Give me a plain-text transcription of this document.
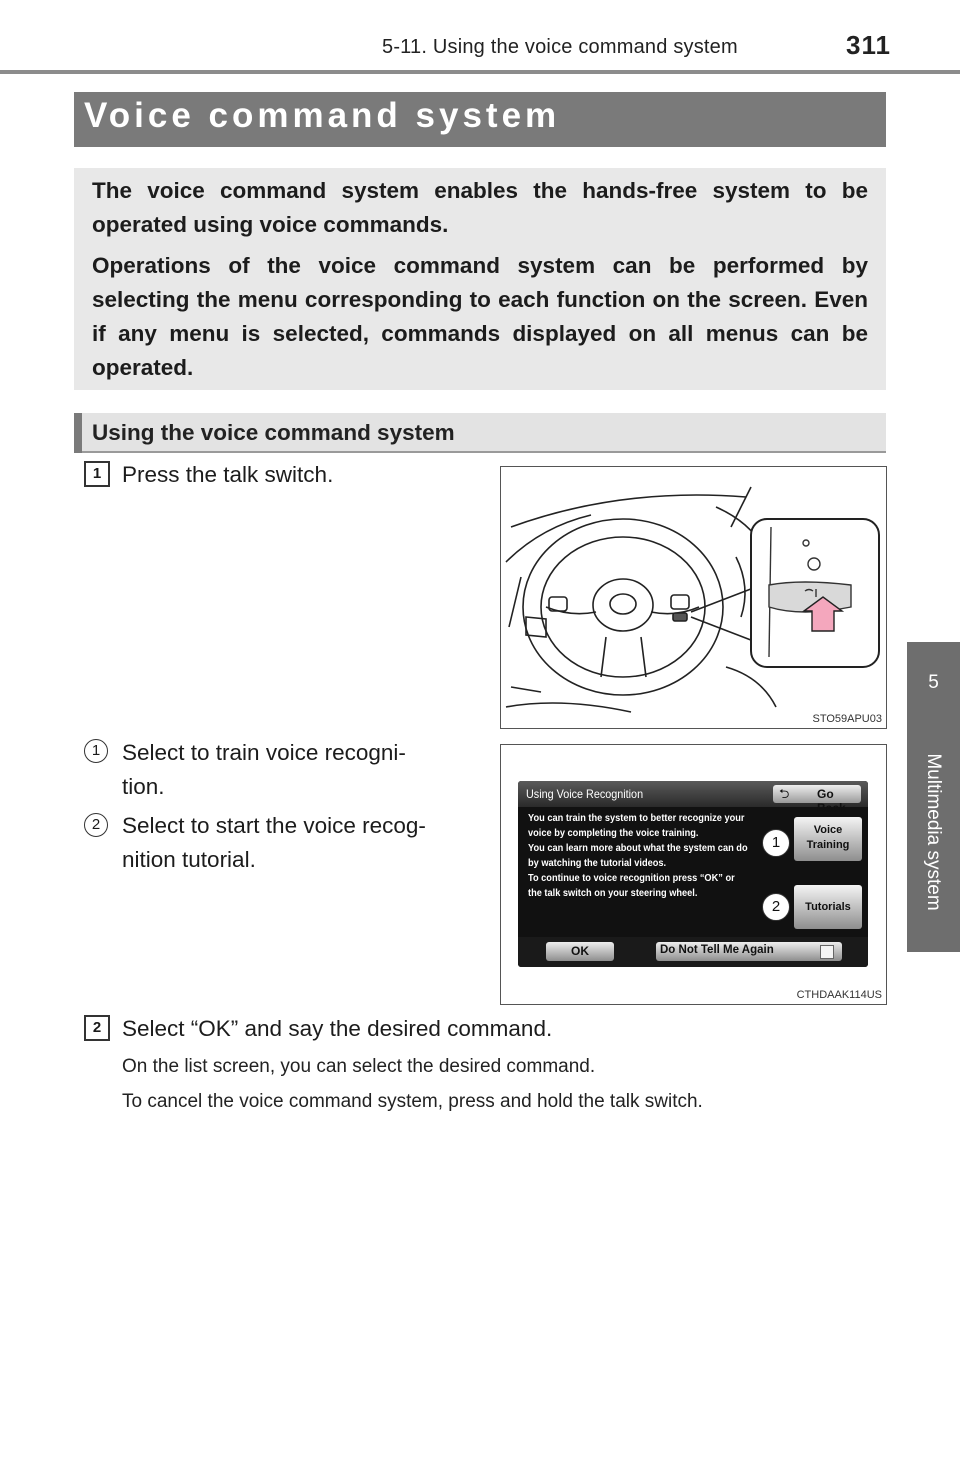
5-11. Using the voice command system	311
5
Multimedia system
Voice command system

The voice command system enables the hands-free system to be operated using voice commands.

Operations of the voice command system can be performed by selecting the menu corresponding to each function on the screen. Even if any menu is selected, commands displayed on all menus can be operated.

Using the voice command system
1 Press the talk switch.
STO59APU03
1 Select to train voice recogni-
tion.
2 Select to start the voice recog-
nition tutorial.
Using Voice Recognition	⮌ Go Back
You can train the system to better recognize your
voice by completing the voice training.
You can learn more about what the system can do
by watching the tutorial videos.
To continue to voice recognition press “OK” or
the talk switch on your steering wheel.
Voice
Training
Tutorials
1
2
OK	Do Not Tell Me Again
CTHDAAK114US
2 Select “OK” and say the desired command.
On the list screen, you can select the desired command.
To cancel the voice command system, press and hold the talk switch.
